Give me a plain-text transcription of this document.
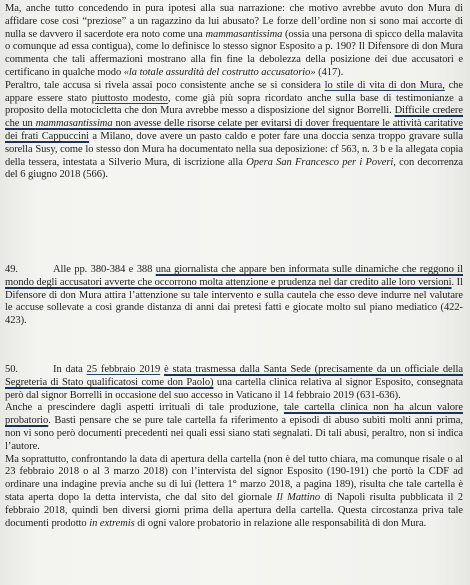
Ma, anche tutto concedendo in pura ipotesi alla sua narrazione: che motivo avrebbe avuto don Mura di affidare cose così “preziose” a un ragazzino da lui abusato? Le forze dell’ordine non si sono mai accorte di nulla se davvero il sacerdote era noto come una mammasantissima (ossia una persona di spicco della malavita o comunque ad essa contigua), come lo definisce lo stesso signor Esposito a p. 190? Il Difensore di don Mura commenta che tali affermazioni mostrano alla fin fine la debolezza della posizione dei due accusatori e certificano in qualche modo «la totale assurdità del costrutto accusatorio» (417).

Peraltro, tale accusa si rivela assai poco consistente anche se si considera lo stile di vita di don Mura, che appare essere stato piuttosto modesto, come già più sopra ricordato anche sulla base di testimonianze a proposito della motocicletta che don Mura avrebbe messo a disposizione del signor Borrelli. Difficile credere che un mammasantissima non avesse delle risorse celate per evitarsi di dover frequentare le attività caritative dei frati Cappuccini a Milano, dove avere un pasto caldo e poter fare una doccia senza troppo gravare sulla sorella Susy, come lo stesso don Mura ha documentato nella sua deposizione: cf 563, n. 3 b e la allegata copia della tessera, intestata a Silverio Mura, di iscrizione alla Opera San Francesco per i Poveri, con decorrenza del 6 giugno 2018 (566).

49.	Alle pp. 380-384 e 388 una giornalista che appare ben informata sulle dinamiche che reggono il mondo degli accusatori avverte che occorrono molta attenzione e prudenza nel dar credito alle loro versioni. Il Difensore di don Mura attira l’attenzione su tale intervento e sulla cautela che esso deve indurre nel valutare le accuse sollevate a così grande distanza di anni dai pretesi fatti e giocate molto sul piano mediatico (422-423).

50.	In data 25 febbraio 2019 è stata trasmessa dalla Santa Sede (precisamente da un officiale della Segreteria di Stato qualificatosi come don Paolo) una cartella clinica relativa al signor Esposito, consegnata però dal signor Borrelli in occasione del suo accesso in Vaticano il 14 febbraio 2019 (631-636).

Anche a prescindere dagli aspetti irrituali di tale produzione, tale cartella clinica non ha alcun valore probatorio. Basti pensare che se pure tale cartella fa riferimento a episodi di abuso subìti molti anni prima, non vi sono però documenti precedenti nei quali essi siano stati segnalati. Di tali abusi, peraltro, non si indica l’autore.

Ma soprattutto, confrontando la data di apertura della cartella (non è del tutto chiara, ma comunque risale o al 23 febbraio 2018 o al 3 marzo 2018) con l’intervista del signor Esposito (190-191) che portò la CDF ad ordinare una indagine previa anche su di lui (lettera 1° marzo 2018, a pagina 189), risulta che tale cartella è stata aperta dopo la detta intervista, che dal sito del giornale Il Mattino di Napoli risulta pubblicata il 2 febbraio 2018, quindi ben diversi giorni prima della apertura della cartella. Questa circostanza priva tale documenti prodotto in extremis di ogni valore probatorio in relazione alle responsabilità di don Mura.
